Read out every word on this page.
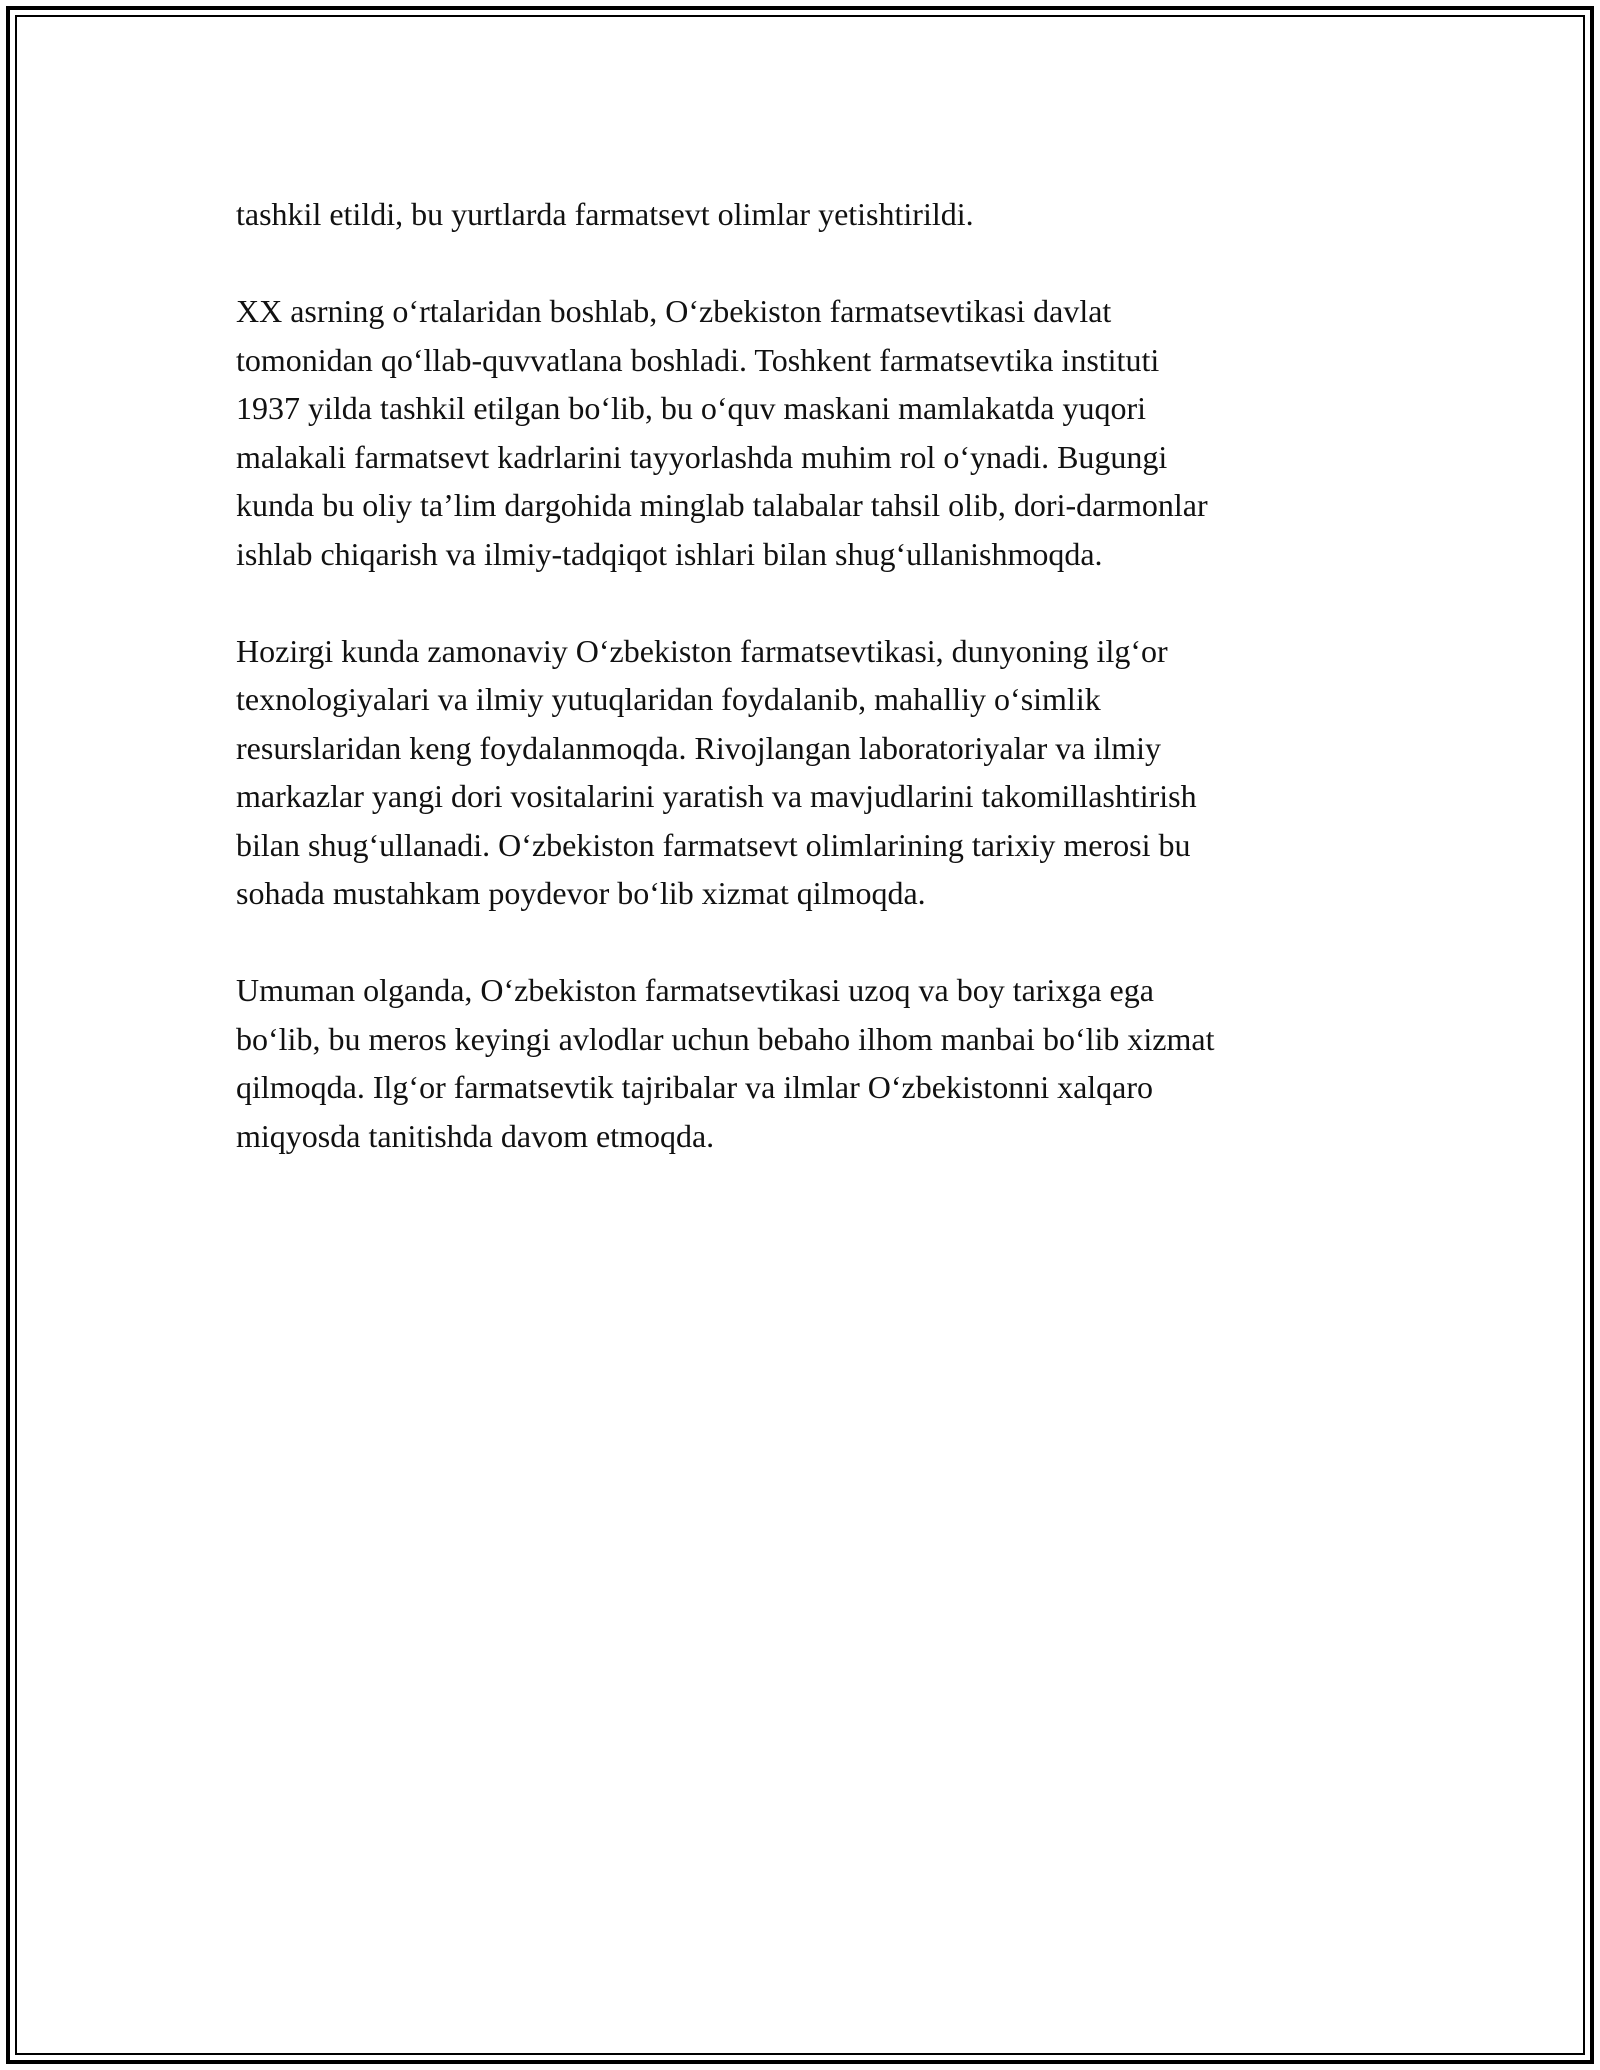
tashkil etildi, bu yurtlarda farmatsevt olimlar yetishtirildi.

XX asrning o‘rtalaridan boshlab, O‘zbekiston farmatsevtikasi davlat
tomonidan qo‘llab-quvvatlana boshladi. Toshkent farmatsevtika instituti
1937 yilda tashkil etilgan bo‘lib, bu o‘quv maskani mamlakatda yuqori
malakali farmatsevt kadrlarini tayyorlashda muhim rol o‘ynadi. Bugungi
kunda bu oliy ta’lim dargohida minglab talabalar tahsil olib, dori-darmonlar
ishlab chiqarish va ilmiy-tadqiqot ishlari bilan shug‘ullanishmoqda.

Hozirgi kunda zamonaviy O‘zbekiston farmatsevtikasi, dunyoning ilg‘or
texnologiyalari va ilmiy yutuqlaridan foydalanib, mahalliy o‘simlik
resurslaridan keng foydalanmoqda. Rivojlangan laboratoriyalar va ilmiy
markazlar yangi dori vositalarini yaratish va mavjudlarini takomillashtirish
bilan shug‘ullanadi. O‘zbekiston farmatsevt olimlarining tarixiy merosi bu
sohada mustahkam poydevor bo‘lib xizmat qilmoqda.

Umuman olganda, O‘zbekiston farmatsevtikasi uzoq va boy tarixga ega
bo‘lib, bu meros keyingi avlodlar uchun bebaho ilhom manbai bo‘lib xizmat
qilmoqda. Ilg‘or farmatsevtik tajribalar va ilmlar O‘zbekistonni xalqaro
miqyosda tanitishda davom etmoqda.
